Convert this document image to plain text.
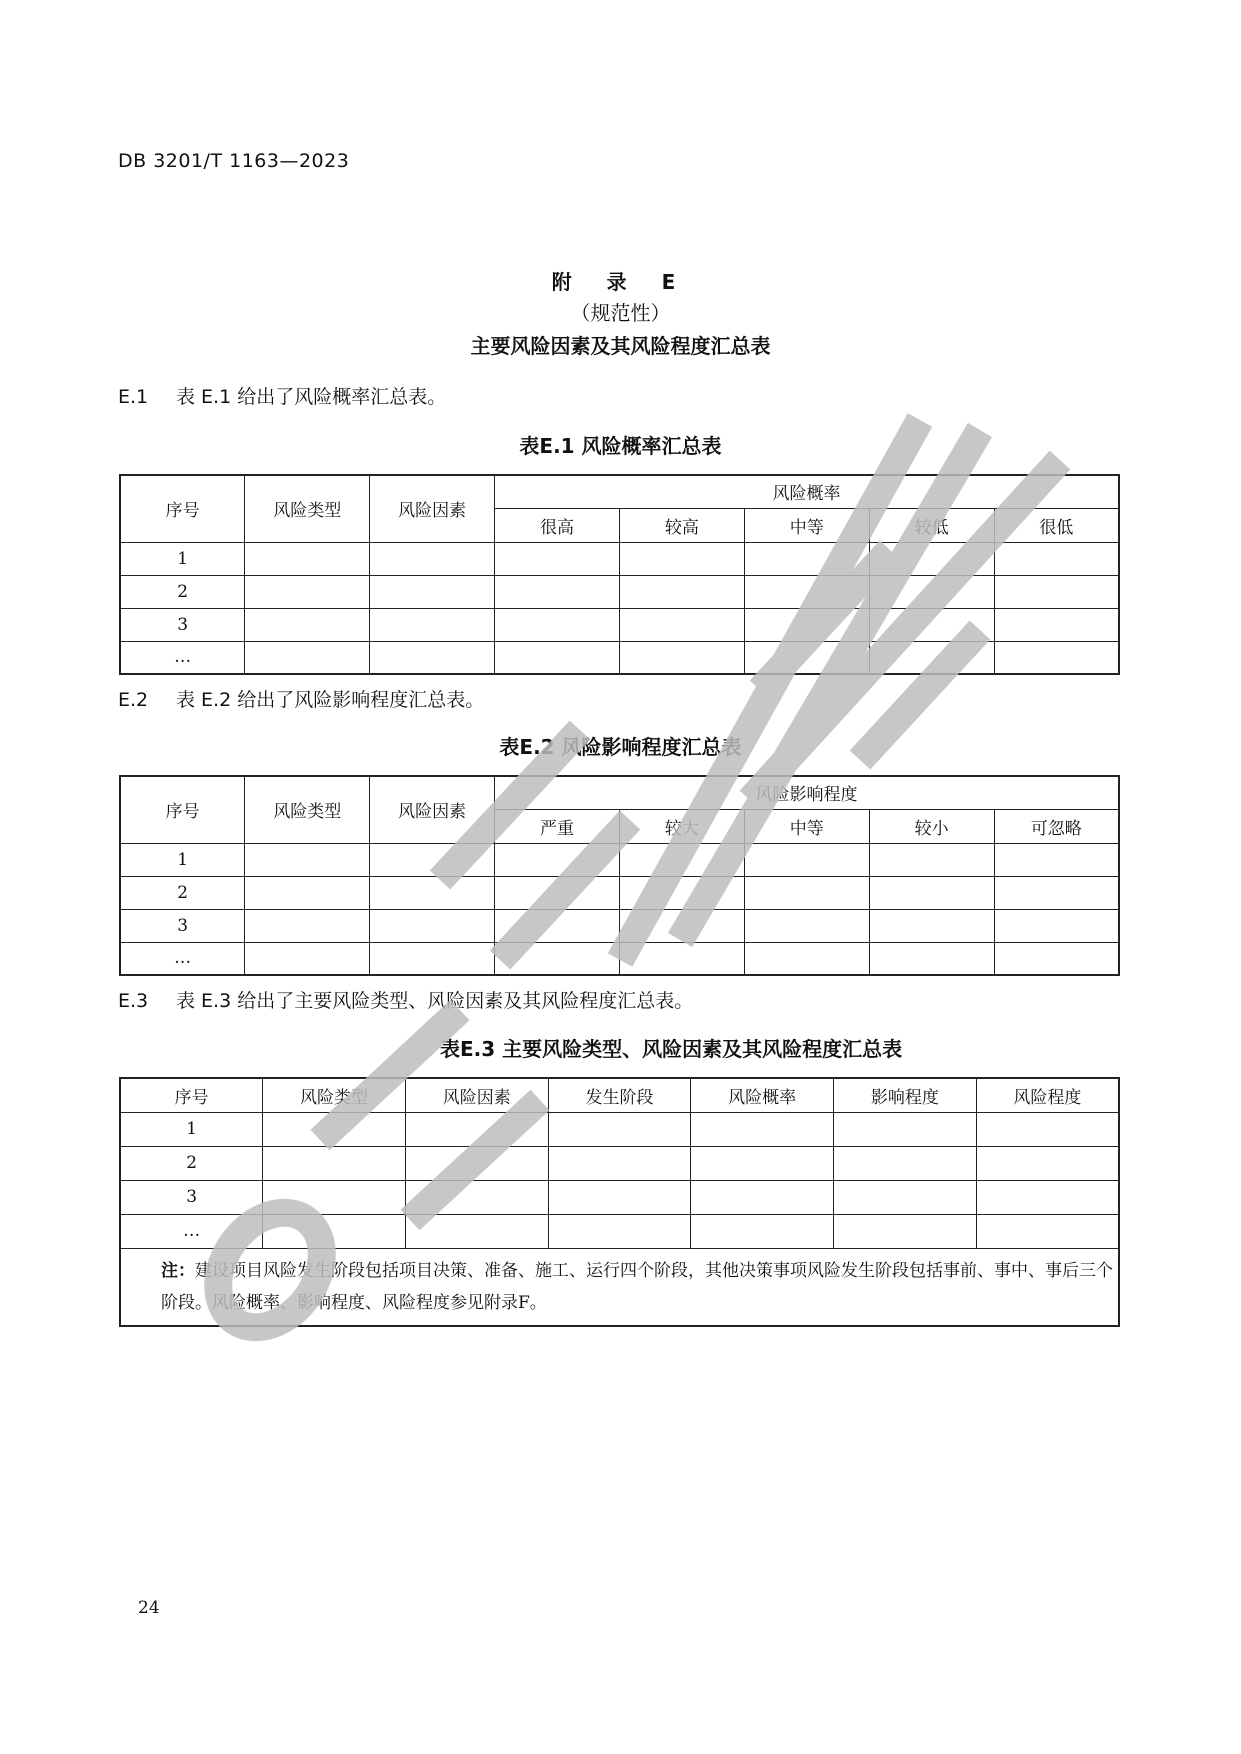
DB 3201/T 1163—2023
附 录 E
（规范性）
主要风险因素及其风险程度汇总表
E.1 表 E.1 给出了风险概率汇总表。
表E.1 风险概率汇总表
序号	风险类型	风险因素	风险概率				
			很高	较高	中等	较低	很低
1							
2							
3							
…							
E.2 表 E.2 给出了风险影响程度汇总表。
表E.2 风险影响程度汇总表
序号	风险类型	风险因素	风险影响程度				
			严重	较大	中等	较小	可忽略
1							
2							
3							
…							
E.3 表 E.3 给出了主要风险类型、风险因素及其风险程度汇总表。
表E.3 主要风险类型、风险因素及其风险程度汇总表
序号	风险类型	风险因素	发生阶段	风险概率	影响程度	风险程度
1						
2						
3						
…						
注：建设项目风险发生阶段包括项目决策、准备、施工、运行四个阶段，其他决策事项风险发生阶段包括事前、事中、事后三个阶段。风险概率、影响程度、风险程度参见附录F。						
24
